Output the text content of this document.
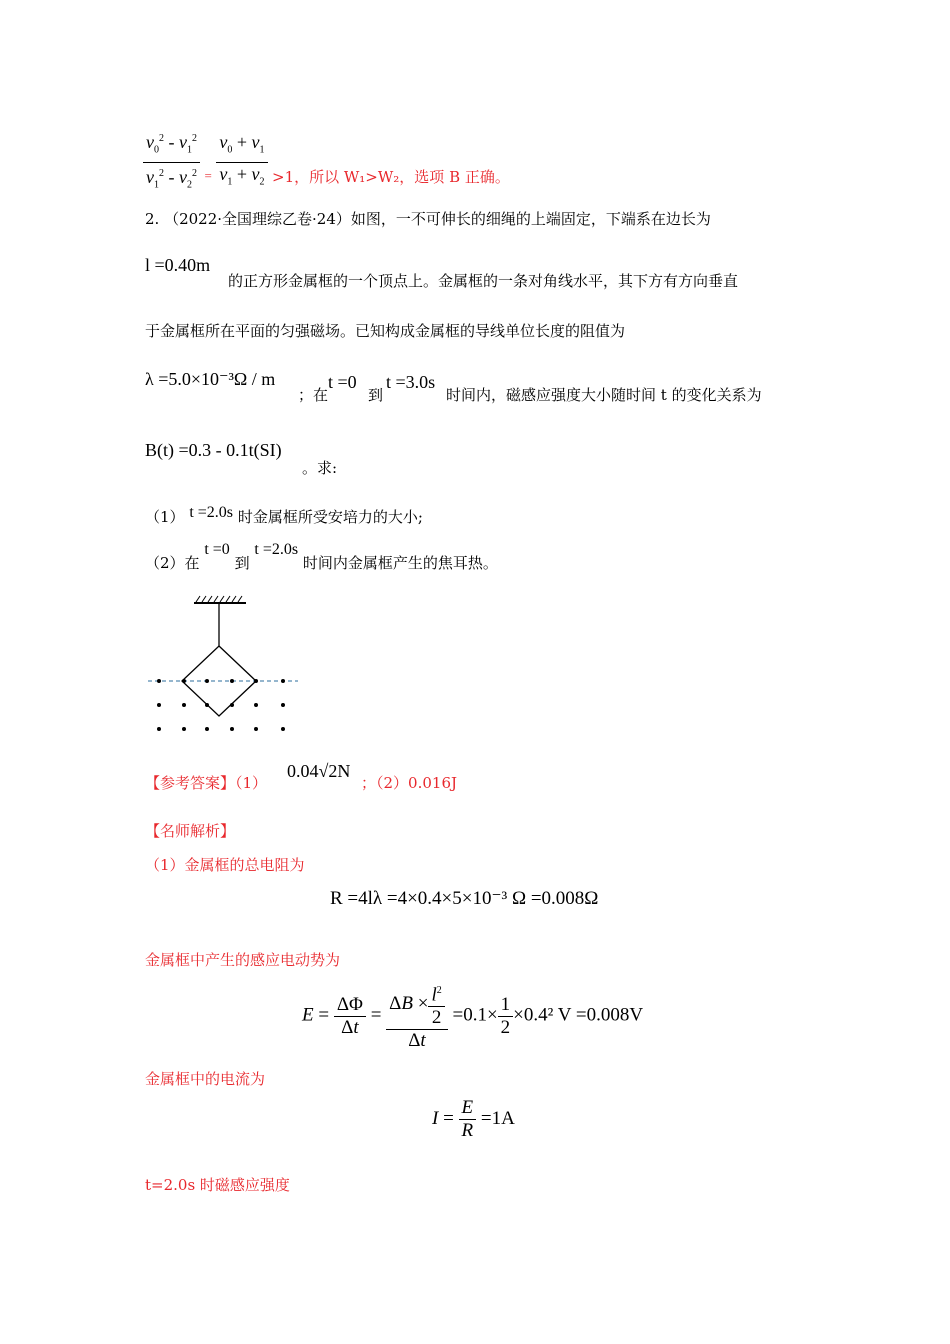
$\frac{v_0^2 - v_1^2}{v_1^2 - v_2^2} _= \frac{v_0 + v_1}{v_1 + v_2} >1$，所以 W₁>W₂，选项 B 正确。
2. （2022·全国理综乙卷·24）如图，一不可伸长的细绳的上端固定，下端系在边长为
l =0.40m
的正方形金属框的一个顶点上。金属框的一条对角线水平，其下方有方向垂直
于金属框所在平面的匀强磁场。已知构成金属框的导线单位长度的阻值为
λ =5.0×10⁻³Ω / m
；在
t =0
到
t =3.0s
时间内，磁感应强度大小随时间 t 的变化关系为
B(t) =0.3 - 0.1t(SI)
。求:
（1） t =2.0s 时金属框所受安培力的大小;
（2）在 t =0 到 t =2.0s 时间内金属框产生的焦耳热。
【参考答案】（1）
0.04√2N
；（2）0.016J
【名师解析】
（1）金属框的总电阻为
R =4lλ =4×0.4×5×10⁻³ Ω =0.008Ω
金属框中产生的感应电动势为
$E = \frac{\Delta\Phi}{\Delta t} = \frac{\Delta B \times \frac{l^2}{2}}{\Delta t} =0.1\times \frac{1}{2} \times 0.4^2$ V =0.008V
金属框中的电流为
$I = \frac{E}{R} =1A$
t=2.0s 时磁感应强度
